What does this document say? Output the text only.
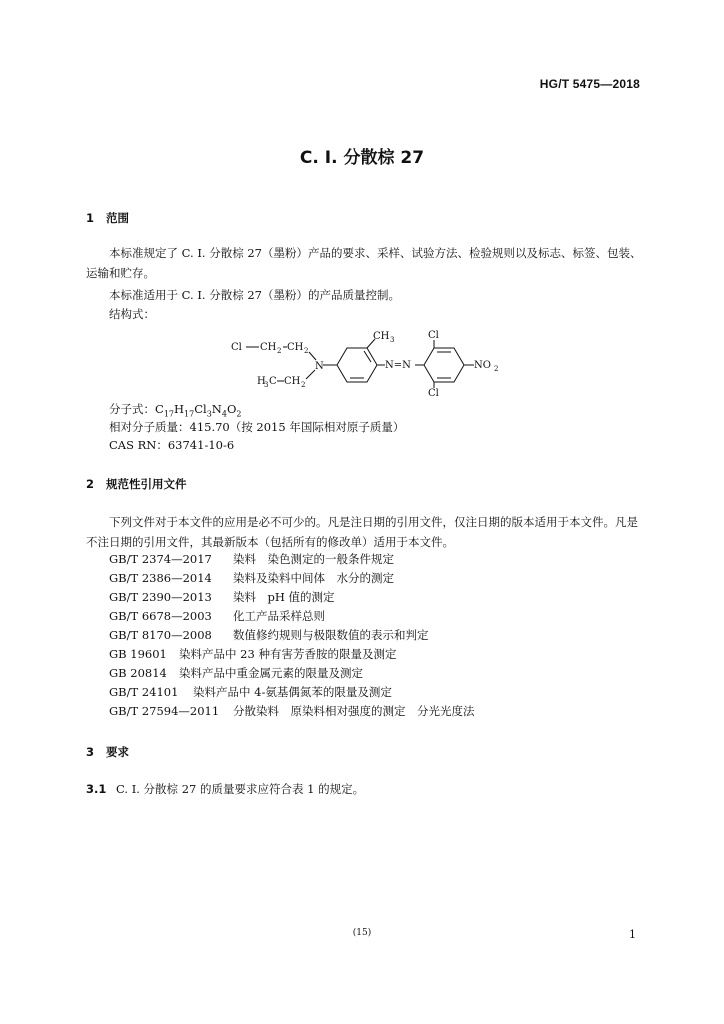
HG/T 5475—2018
C. I. 分散棕 27
1 范围
本标准规定了 C. I. 分散棕 27（墨粉）产品的要求、采样、试验方法、检验规则以及标志、标签、包装、运输和贮存。
本标准适用于 C. I. 分散棕 27（墨粉）的产品质量控制。
结构式：
Cl CH 2 CH 2
N
H
3 C CH 2
CH 3
N=N
Cl
Cl
NO 2
分子式：$C_{17}H_{17}Cl_3N_4O_2$
相对分子质量：415.70（按 2015 年国际相对原子质量）
CAS RN：63741-10-6
2 规范性引用文件
下列文件对于本文件的应用是必不可少的。凡是注日期的引用文件，仅注日期的版本适用于本文件。凡是不注日期的引用文件，其最新版本（包括所有的修改单）适用于本文件。
GB/T 2374—2017 染料　染色测定的一般条件规定
GB/T 2386—2014 染料及染料中间体　水分的测定
GB/T 2390—2013 染料　pH 值的测定
GB/T 6678—2003 化工产品采样总则
GB/T 8170—2008 数值修约规则与极限数值的表示和判定
GB 19601 染料产品中 23 种有害芳香胺的限量及测定
GB 20814 染料产品中重金属元素的限量及测定
GB/T 24101 染料产品中 4-氨基偶氮苯的限量及测定
GB/T 27594—2011 分散染料　原染料相对强度的测定　分光光度法
3 要求
3.1 C. I. 分散棕 27 的质量要求应符合表 1 的规定。
(15)	1
